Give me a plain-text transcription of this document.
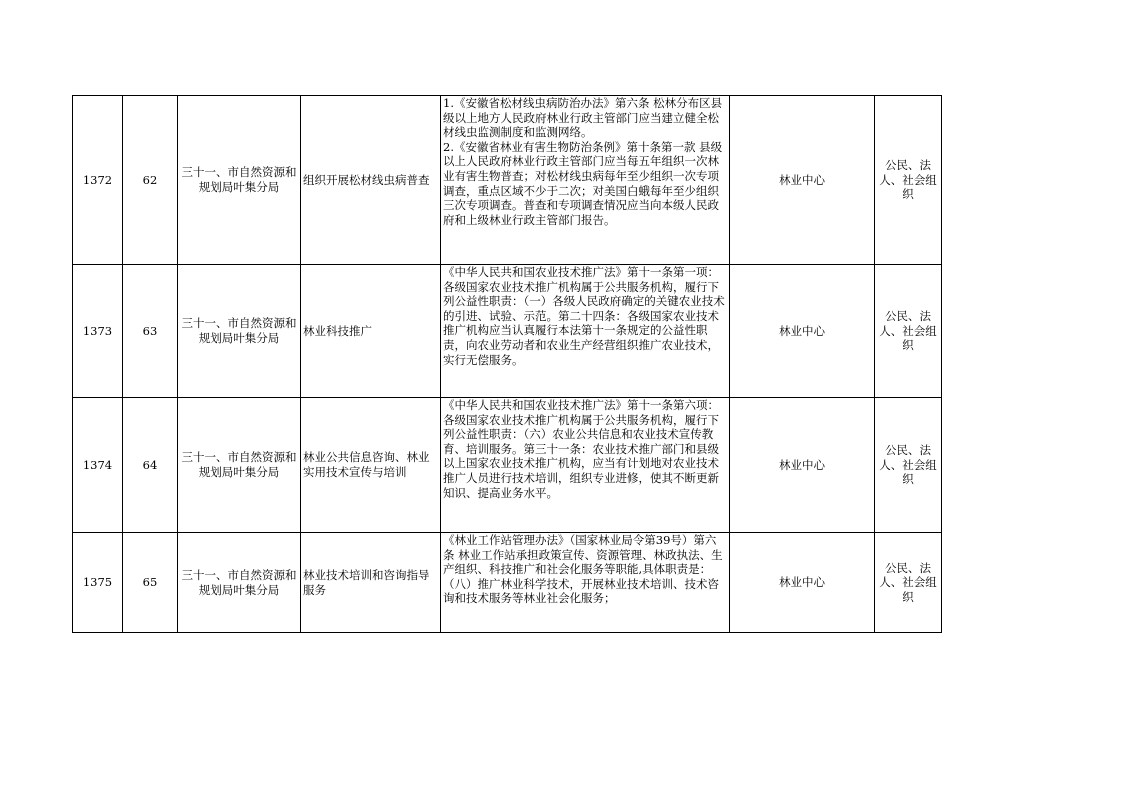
1372	62	三十一、市自然资源和规划局叶集分局	组织开展松材线虫病普查	1.《安徽省松材线虫病防治办法》第六条 松林分布区县级以上地方人民政府林业行政主管部门应当建立健全松材线虫监测制度和监测网络。
2.《安徽省林业有害生物防治条例》第十条第一款 县级以上人民政府林业行政主管部门应当每五年组织一次林业有害生物普查；对松材线虫病每年至少组织一次专项调查，重点区域不少于二次；对美国白蛾每年至少组织三次专项调查。普查和专项调查情况应当向本级人民政府和上级林业行政主管部门报告。	林业中心	公民、法人、社会组织
1373	63	三十一、市自然资源和规划局叶集分局	林业科技推广	《中华人民共和国农业技术推广法》第十一条第一项：各级国家农业技术推广机构属于公共服务机构，履行下列公益性职责：（一）各级人民政府确定的关键农业技术的引进、试验、示范。第二十四条：各级国家农业技术推广机构应当认真履行本法第十一条规定的公益性职责，向农业劳动者和农业生产经营组织推广农业技术，实行无偿服务。	林业中心	公民、法人、社会组织
1374	64	三十一、市自然资源和规划局叶集分局	林业公共信息咨询、林业实用技术宣传与培训	《中华人民共和国农业技术推广法》第十一条第六项：各级国家农业技术推广机构属于公共服务机构，履行下列公益性职责：（六）农业公共信息和农业技术宣传教育、培训服务。第三十一条：农业技术推广部门和县级以上国家农业技术推广机构，应当有计划地对农业技术推广人员进行技术培训，组织专业进修，使其不断更新知识、提高业务水平。	林业中心	公民、法人、社会组织
1375	65	三十一、市自然资源和规划局叶集分局	林业技术培训和咨询指导服务	《林业工作站管理办法》（国家林业局令第39号）第六条 林业工作站承担政策宣传、资源管理、林政执法、生产组织、科技推广和社会化服务等职能,具体职责是：（八）推广林业科学技术，开展林业技术培训、技术咨询和技术服务等林业社会化服务；	林业中心	公民、法人、社会组织
